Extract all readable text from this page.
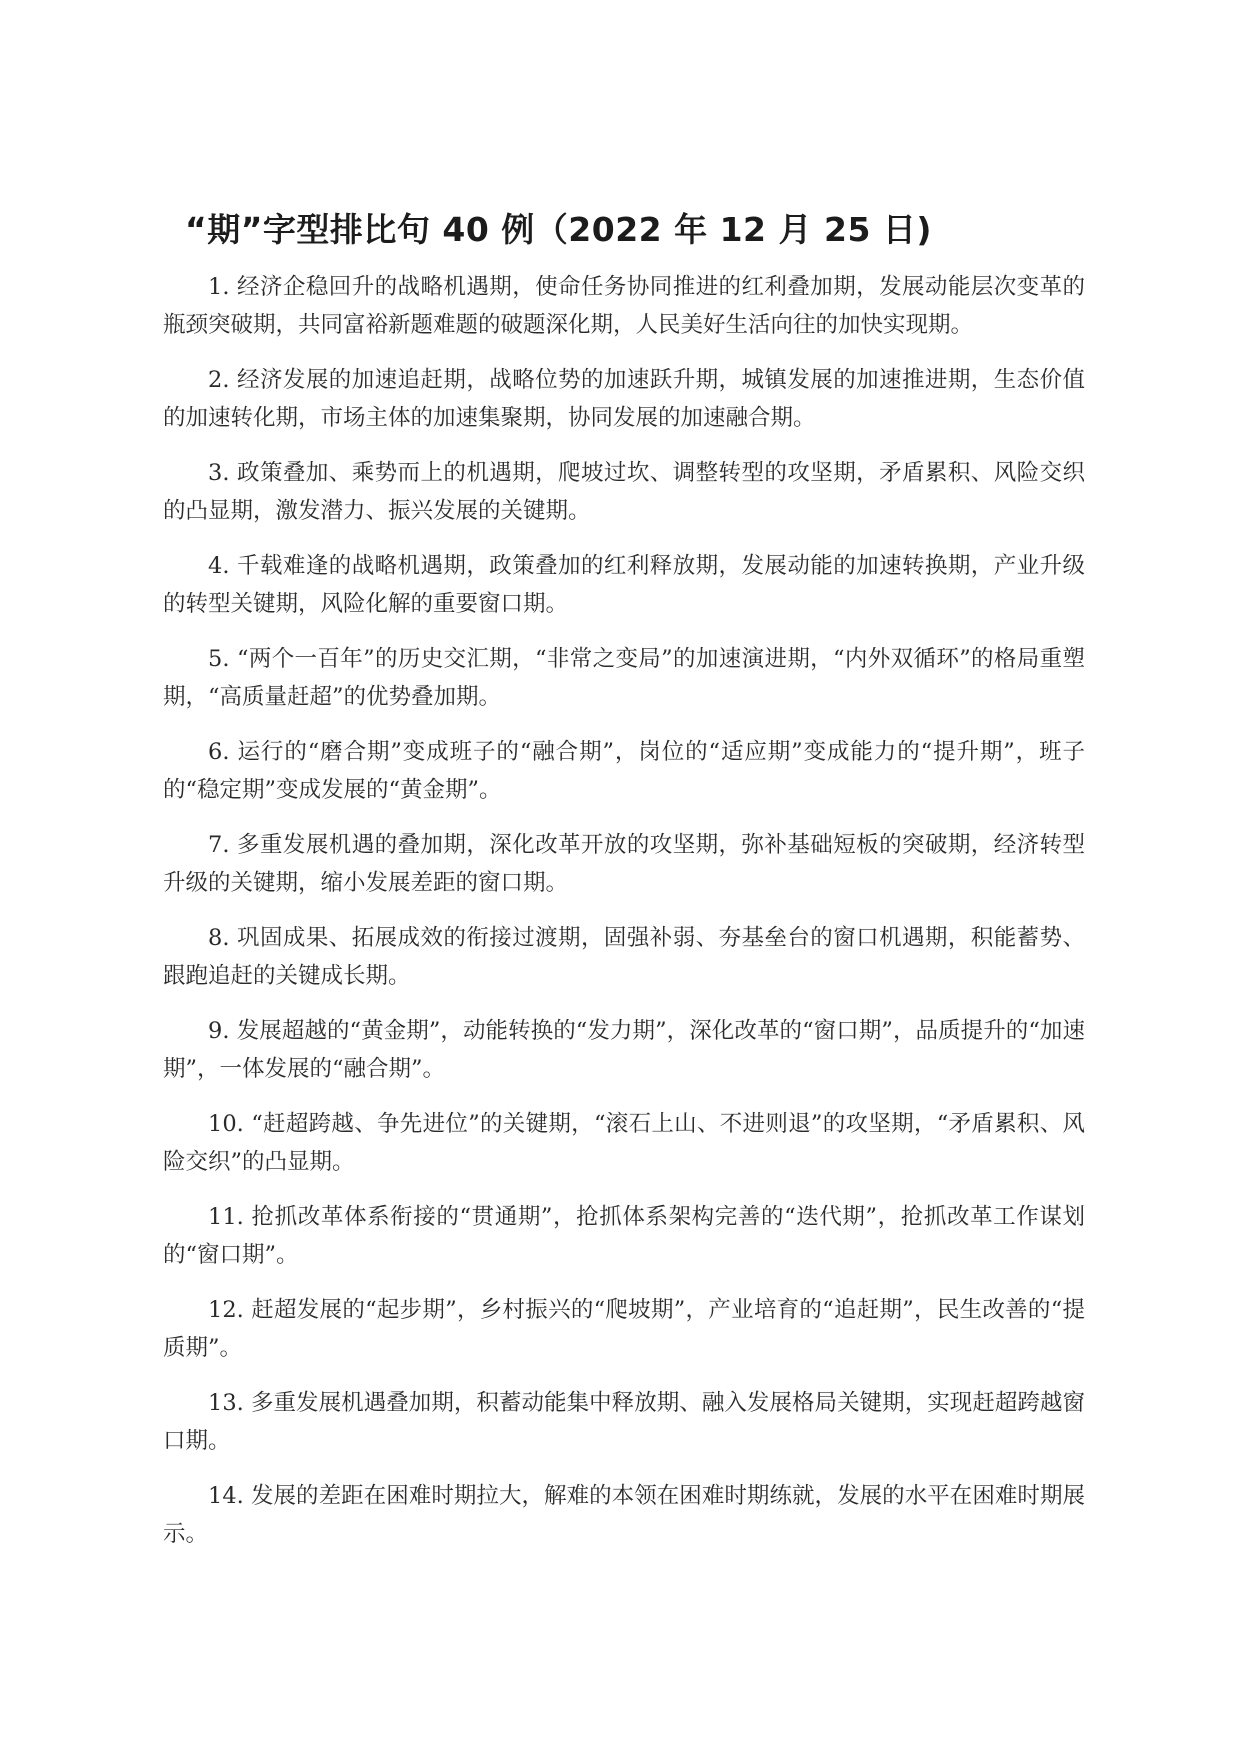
“期”字型排比句 40 例（2022 年 12 月 25 日)

1. 经济企稳回升的战略机遇期，使命任务协同推进的红利叠加期，发展动能层次变革的瓶颈突破期，共同富裕新题难题的破题深化期，人民美好生活向往的加快实现期。

2. 经济发展的加速追赶期，战略位势的加速跃升期，城镇发展的加速推进期，生态价值的加速转化期，市场主体的加速集聚期，协同发展的加速融合期。

3. 政策叠加、乘势而上的机遇期，爬坡过坎、调整转型的攻坚期，矛盾累积、风险交织的凸显期，激发潜力、振兴发展的关键期。

4. 千载难逢的战略机遇期，政策叠加的红利释放期，发展动能的加速转换期，产业升级的转型关键期，风险化解的重要窗口期。

5. “两个一百年”的历史交汇期，“非常之变局”的加速演进期，“内外双循环”的格局重塑期，“高质量赶超”的优势叠加期。

6. 运行的“磨合期”变成班子的“融合期”，岗位的“适应期”变成能力的“提升期”，班子的“稳定期”变成发展的“黄金期”。

7. 多重发展机遇的叠加期，深化改革开放的攻坚期，弥补基础短板的突破期，经济转型升级的关键期，缩小发展差距的窗口期。

8. 巩固成果、拓展成效的衔接过渡期，固强补弱、夯基垒台的窗口机遇期，积能蓄势、跟跑追赶的关键成长期。

9. 发展超越的“黄金期”，动能转换的“发力期”，深化改革的“窗口期”，品质提升的“加速期”，一体发展的“融合期”。

10. “赶超跨越、争先进位”的关键期，“滚石上山、不进则退”的攻坚期，“矛盾累积、风险交织”的凸显期。

11. 抢抓改革体系衔接的“贯通期”，抢抓体系架构完善的“迭代期”，抢抓改革工作谋划的“窗口期”。

12. 赶超发展的“起步期”，乡村振兴的“爬坡期”，产业培育的“追赶期”，民生改善的“提质期”。

13. 多重发展机遇叠加期，积蓄动能集中释放期、融入发展格局关键期，实现赶超跨越窗口期。

14. 发展的差距在困难时期拉大，解难的本领在困难时期练就，发展的水平在困难时期展示。
